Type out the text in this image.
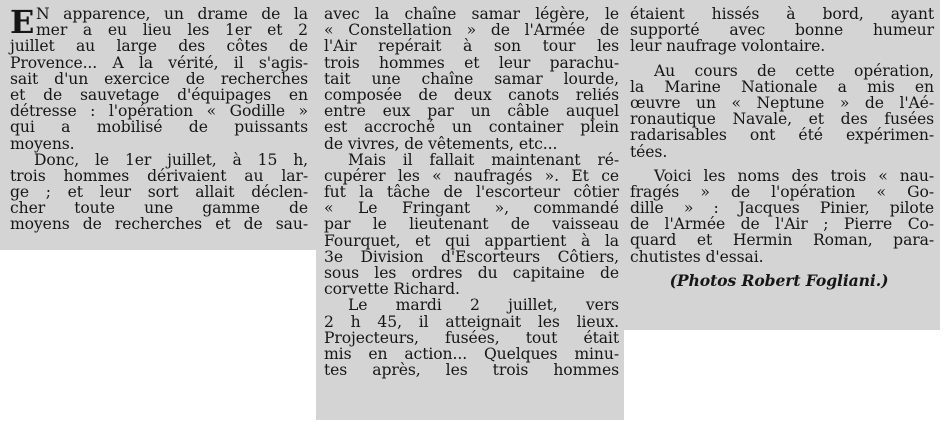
E N apparence, un drame de la
mer a eu lieu les 1er et 2
juillet au large des côtes de
Provence... A la vérité, il s'agis-
sait d'un exercice de recherches
et de sauvetage d'équipages en
détresse : l'opération « Godille »
qui a mobilisé de puissants
moyens.
Donc, le 1er juillet, à 15 h,
trois hommes dérivaient au lar-
ge ; et leur sort allait déclen-
cher toute une gamme de
moyens de recherches et de sau-
avec la chaîne samar légère, le
« Constellation » de l'Armée de
l'Air repérait à son tour les
trois hommes et leur parachu-
tait une chaîne samar lourde,
composée de deux canots reliés
entre eux par un câble auquel
est accroché un container plein
de vivres, de vêtements, etc...
Mais il fallait maintenant ré-
cupérer les « naufragés ». Et ce
fut la tâche de l'escorteur côtier
« Le Fringant », commandé
par le lieutenant de vaisseau
Fourquet, et qui appartient à la
3e Division d'Escorteurs Côtiers,
sous les ordres du capitaine de
corvette Richard.
Le mardi 2 juillet, vers
2 h 45, il atteignait les lieux.
Projecteurs, fusées, tout était
mis en action... Quelques minu-
tes après, les trois hommes
étaient hissés à bord, ayant
supporté avec bonne humeur
leur naufrage volontaire.
Au cours de cette opération,
la Marine Nationale a mis en
œuvre un « Neptune » de l'Aé-
ronautique Navale, et des fusées
radarisables ont été expérimen-
tées.
Voici les noms des trois « nau-
fragés » de l'opération « Go-
dille » : Jacques Pinier, pilote
de l'Armée de l'Air ; Pierre Co-
quard et Hermin Roman, para-
chutistes d'essai.
(Photos Robert Fogliani.)
